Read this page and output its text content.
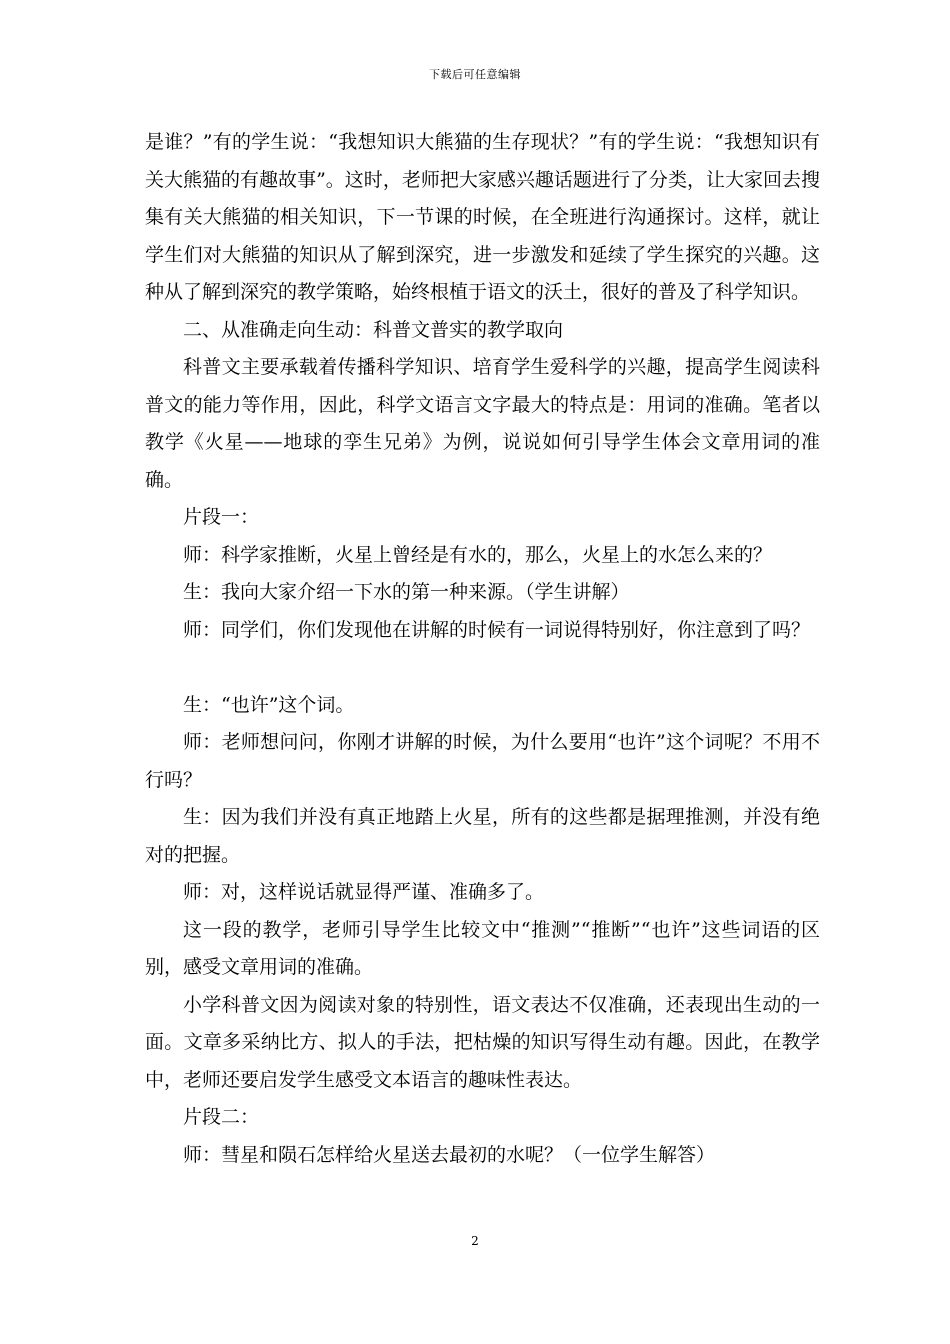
下载后可任意编辑

是谁？”有的学生说：“我想知识大熊猫的生存现状？”有的学生说：“我想知识有关大熊猫的有趣故事”。这时，老师把大家感兴趣话题进行了分类，让大家回去搜集有关大熊猫的相关知识，下一节课的时候，在全班进行沟通探讨。这样，就让学生们对大熊猫的知识从了解到深究，进一步激发和延续了学生探究的兴趣。这种从了解到深究的教学策略，始终根植于语文的沃土，很好的普及了科学知识。

二、从准确走向生动：科普文普实的教学取向

科普文主要承载着传播科学知识、培育学生爱科学的兴趣，提高学生阅读科普文的能力等作用，因此，科学文语言文字最大的特点是：用词的准确。笔者以教学《火星——地球的孪生兄弟》为例，说说如何引导学生体会文章用词的准确。

片段一：

师：科学家推断，火星上曾经是有水的，那么，火星上的水怎么来的？

生：我向大家介绍一下水的第一种来源。（学生讲解）

师：同学们，你们发现他在讲解的时候有一词说得特别好，你注意到了吗？

生：“也许”这个词。

师：老师想问问，你刚才讲解的时候，为什么要用“也许”这个词呢？不用不行吗？

生：因为我们并没有真正地踏上火星，所有的这些都是据理推测，并没有绝对的把握。

师：对，这样说话就显得严谨、准确多了。

这一段的教学，老师引导学生比较文中“推测”“推断”“也许”这些词语的区别，感受文章用词的准确。

小学科普文因为阅读对象的特别性，语文表达不仅准确，还表现出生动的一面。文章多采纳比方、拟人的手法，把枯燥的知识写得生动有趣。因此，在教学中，老师还要启发学生感受文本语言的趣味性表达。

片段二：

师：彗星和陨石怎样给火星送去最初的水呢？（一位学生解答）

2
